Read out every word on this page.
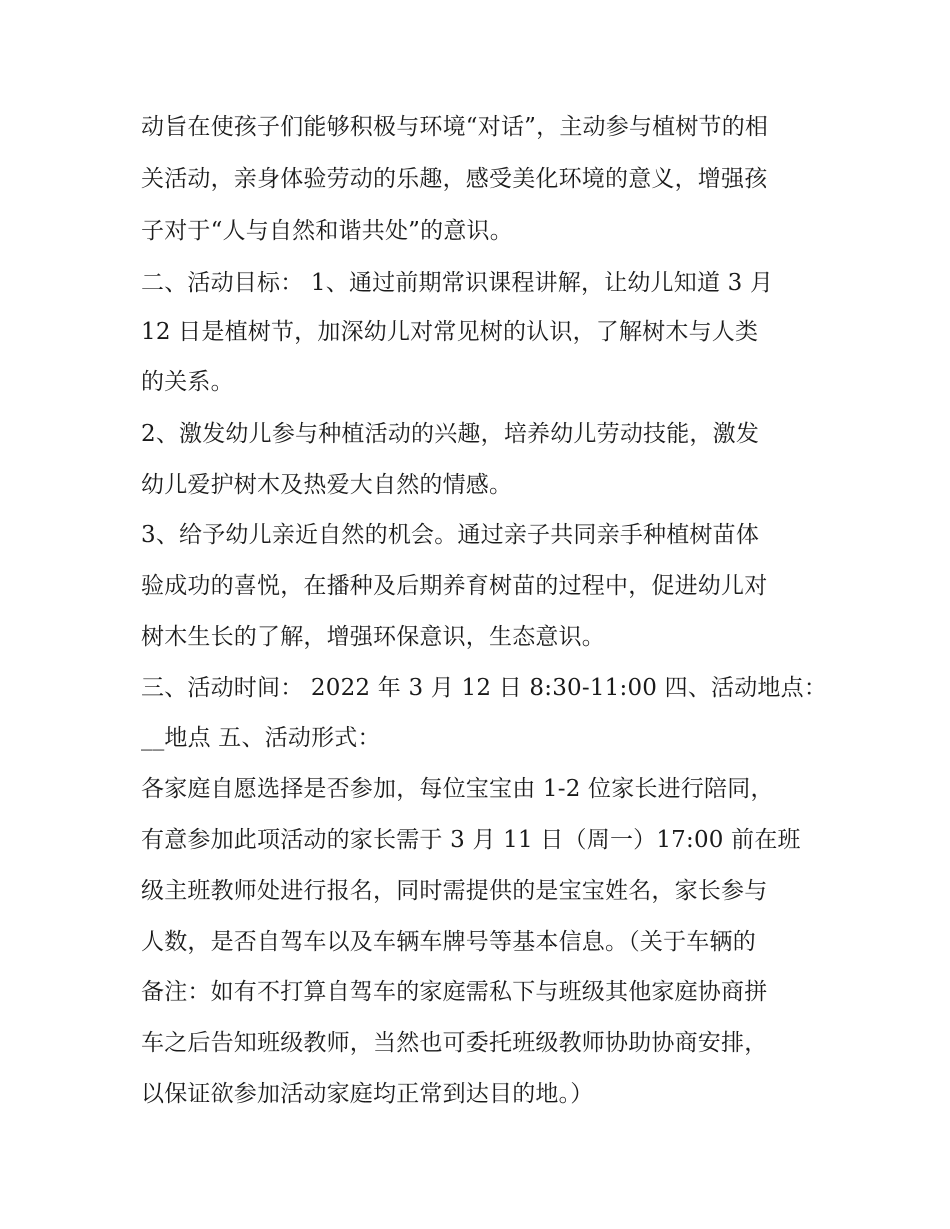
动旨在使孩子们能够积极与环境“对话”，主动参与植树节的相
关活动，亲身体验劳动的乐趣，感受美化环境的意义，增强孩
子对于“人与自然和谐共处”的意识。
二、活动目标： 1、通过前期常识课程讲解，让幼儿知道 3 月
12 日是植树节，加深幼儿对常见树的认识，了解树木与人类
的关系。
2、激发幼儿参与种植活动的兴趣，培养幼儿劳动技能，激发
幼儿爱护树木及热爱大自然的情感。
3、给予幼儿亲近自然的机会。通过亲子共同亲手种植树苗体
验成功的喜悦，在播种及后期养育树苗的过程中，促进幼儿对
树木生长的了解，增强环保意识，生态意识。
三、活动时间： 2022 年 3 月 12 日 8:30-11:00 四、活动地点：
__地点 五、活动形式：
各家庭自愿选择是否参加，每位宝宝由 1-2 位家长进行陪同，
有意参加此项活动的家长需于 3 月 11 日（周一）17:00 前在班
级主班教师处进行报名，同时需提供的是宝宝姓名，家长参与
人数，是否自驾车以及车辆车牌号等基本信息。（关于车辆的
备注：如有不打算自驾车的家庭需私下与班级其他家庭协商拼
车之后告知班级教师，当然也可委托班级教师协助协商安排，
以保证欲参加活动家庭均正常到达目的地。）
